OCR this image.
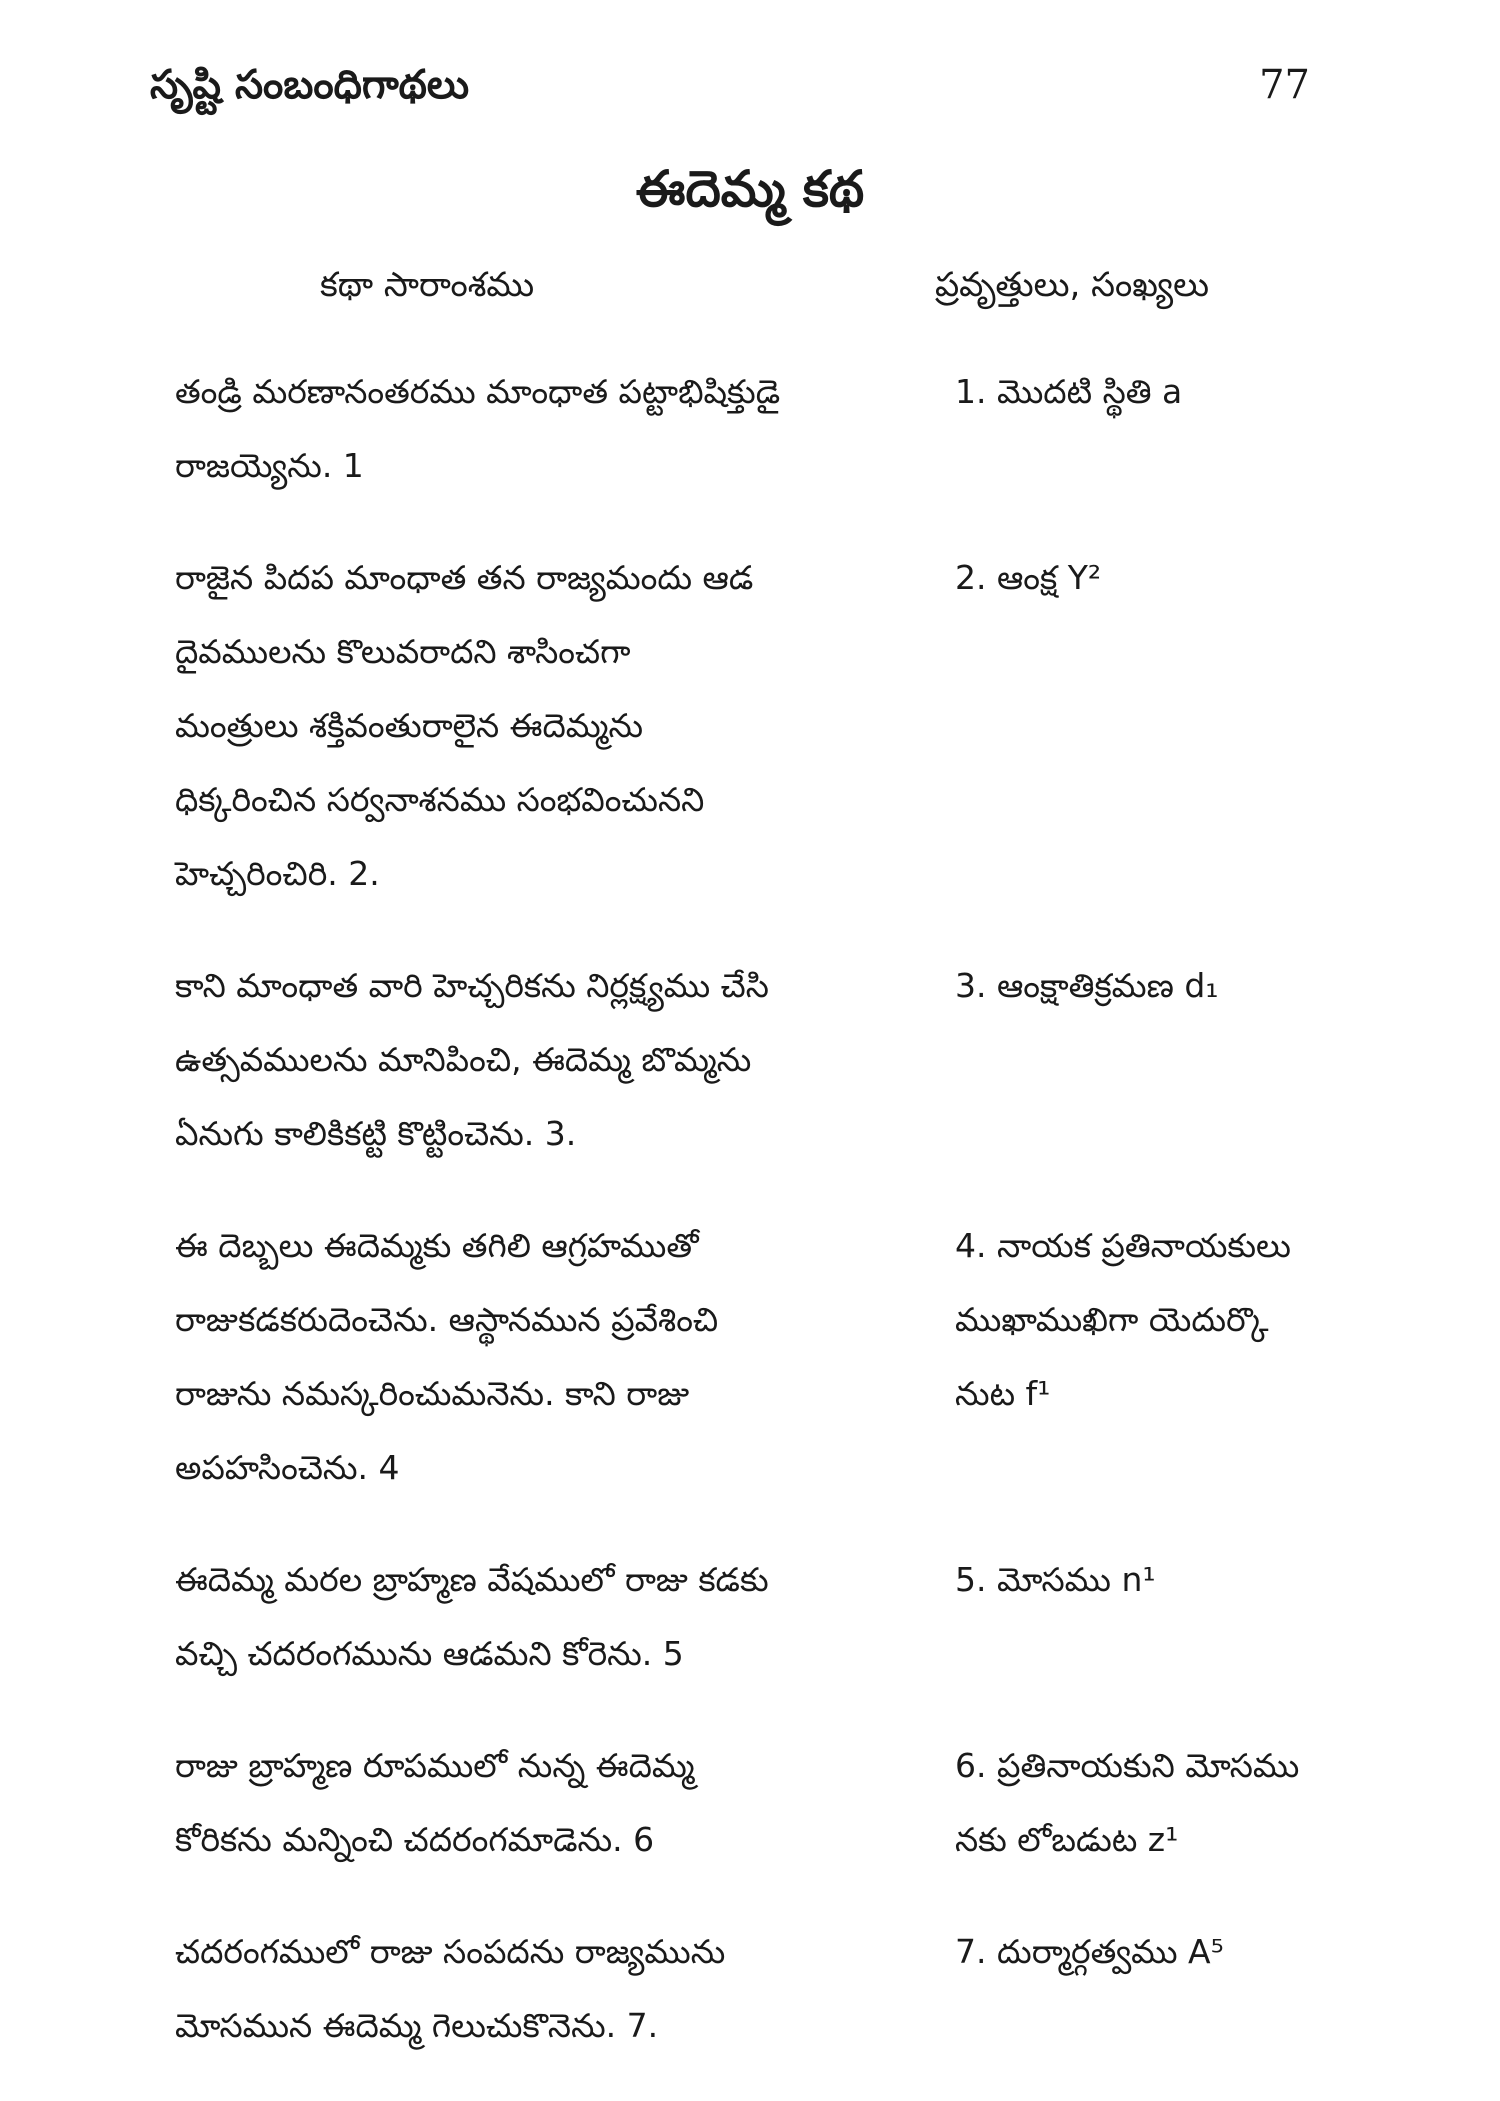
సృష్టి సంబంధిగాథలు	77
ఈదెమ్మ కథ
కథా సారాంశము	ప్రవృత్తులు, సంఖ్యలు
తండ్రి మరణానంతరము మాంధాత పట్టాభిషిక్తుడై
రాజయ్యెను. 1
1. మొదటి స్థితి a
రాజైన పిదప మాంధాత తన రాజ్యమందు ఆడ
దైవములను కొలువరాదని శాసించగా
మంత్రులు శక్తివంతురాలైన ఈదెమ్మను
ధిక్కరించిన సర్వనాశనము సంభవించునని
హెచ్చరించిరి. 2.
2. ఆంక్ష Y²
కాని మాంధాత వారి హెచ్చరికను నిర్లక్ష్యము చేసి
ఉత్సవములను మానిపించి, ఈదెమ్మ బొమ్మను
ఏనుగు కాలికికట్టి కొట్టించెను. 3.
3. ఆంక్షాతిక్రమణ d₁
ఈ దెబ్బలు ఈదెమ్మకు తగిలి ఆగ్రహముతో
రాజుకడకరుదెంచెను. ఆస్థానమున ప్రవేశించి
రాజును నమస్కరించుమనెను. కాని రాజు
అపహసించెను. 4
4. నాయక ప్రతినాయకులు
ముఖాముఖిగా యెదుర్కొ
నుట f¹
ఈదెమ్మ మరల బ్రాహ్మణ వేషములో రాజు కడకు
వచ్చి చదరంగమును ఆడమని కోరెను. 5
5. మోసము n¹
రాజు బ్రాహ్మణ రూపములో నున్న ఈదెమ్మ
కోరికను మన్నించి చదరంగమాడెను. 6
6. ప్రతినాయకుని మోసము
నకు లోబడుట z¹
చదరంగములో రాజు సంపదను రాజ్యమును
మోసమున ఈదెమ్మ గెలుచుకొనెను. 7.
7. దుర్మార్గత్వము A⁵
